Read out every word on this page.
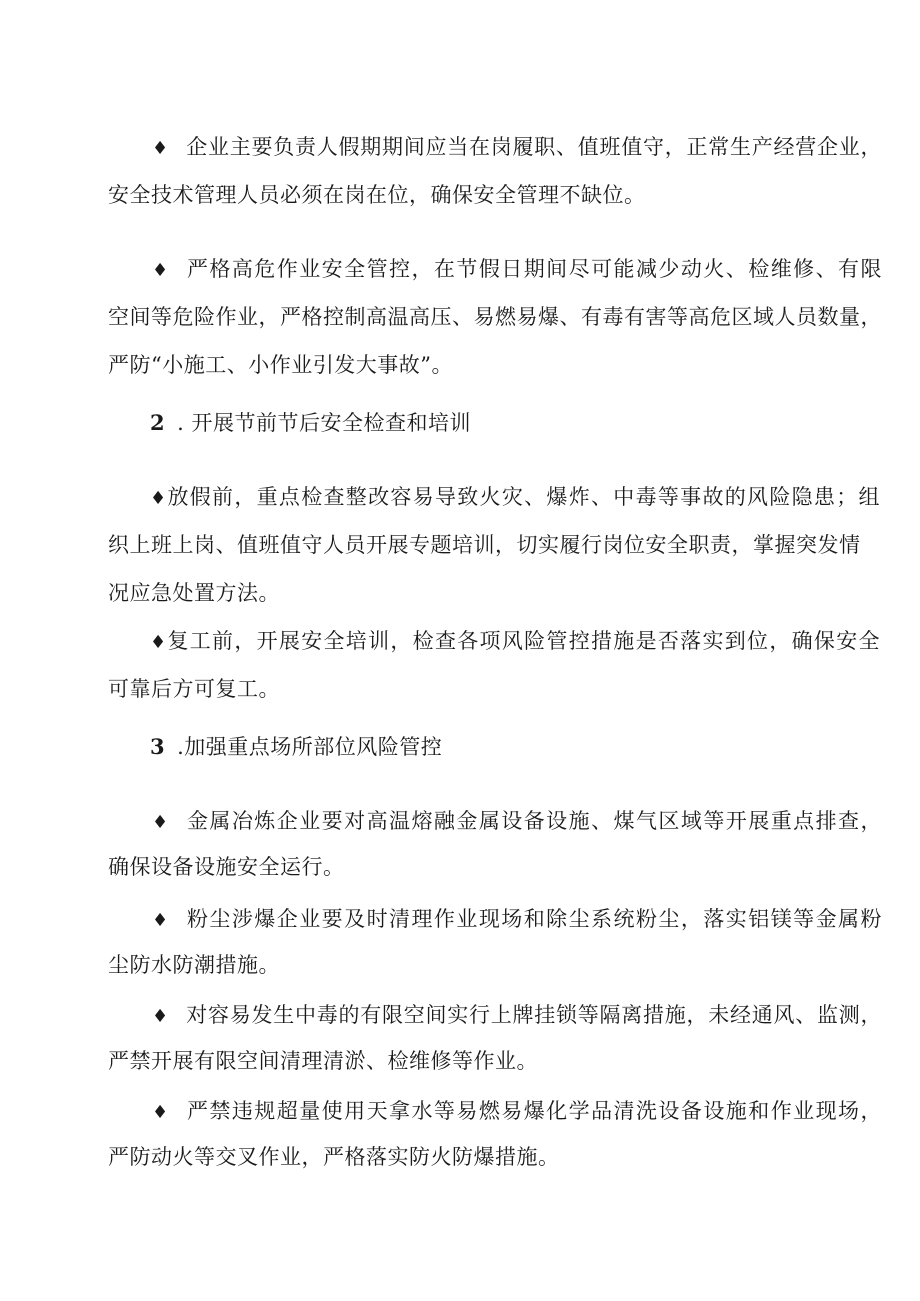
♦ 企业主要负责人假期期间应当在岗履职、值班值守，正常生产经营企业，
安全技术管理人员必须在岗在位，确保安全管理不缺位。
♦ 严格高危作业安全管控，在节假日期间尽可能减少动火、检维修、有限
空间等危险作业，严格控制高温高压、易燃易爆、有毒有害等高危区域人员数量，
严防“小施工、小作业引发大事故”。
2 . 开展节前节后安全检查和培训
♦放假前，重点检查整改容易导致火灾、爆炸、中毒等事故的风险隐患；组
织上班上岗、值班值守人员开展专题培训，切实履行岗位安全职责，掌握突发情
况应急处置方法。
♦复工前，开展安全培训，检查各项风险管控措施是否落实到位，确保安全
可靠后方可复工。
3 .加强重点场所部位风险管控
♦ 金属冶炼企业要对高温熔融金属设备设施、煤气区域等开展重点排查，
确保设备设施安全运行。
♦ 粉尘涉爆企业要及时清理作业现场和除尘系统粉尘，落实铝镁等金属粉
尘防水防潮措施。
♦ 对容易发生中毒的有限空间实行上牌挂锁等隔离措施，未经通风、监测，
严禁开展有限空间清理清淤、检维修等作业。
♦ 严禁违规超量使用天拿水等易燃易爆化学品清洗设备设施和作业现场，
严防动火等交叉作业，严格落实防火防爆措施。
